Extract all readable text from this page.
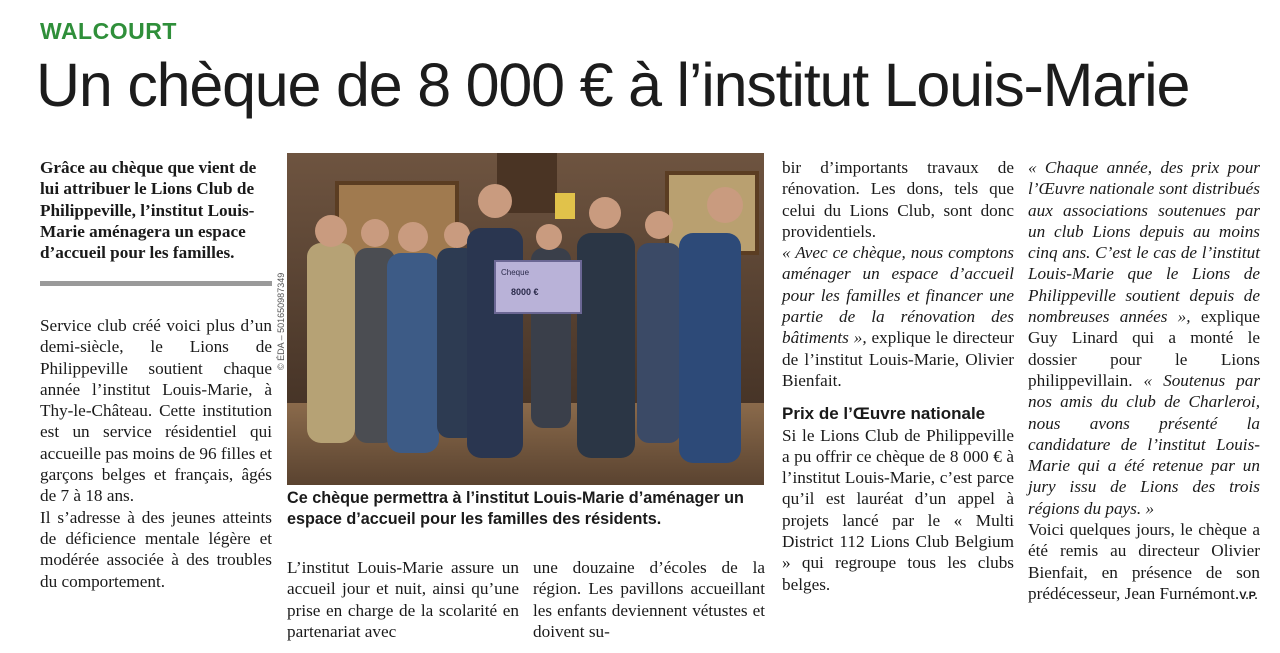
WALCOURT
Un chèque de 8 000 € à l’institut Louis-Marie
Grâce au chèque que vient de lui attribuer le Lions Club de Philippeville, l’institut Louis-Marie aménagera un espace d’accueil pour les familles.

Service club créé voici plus d’un demi-siècle, le Lions de Philippeville soutient chaque année l’institut Louis-Marie, à Thy-le-Château. Cette institution est un service résidentiel qui accueille pas moins de 96 filles et garçons belges et français, âgés de 7 à 18 ans.

Il s’adresse à des jeunes atteints de déficience mentale légère et modérée associée à des troubles du comportement.

Cheque
8000 €
© ÉDA – 501650987349
Ce chèque permettra à l’institut Louis-Marie d’aménager un espace d’accueil pour les familles des résidents.

L’institut Louis-Marie assure un accueil jour et nuit, ainsi qu’une prise en charge de la scolarité en partenariat avec

une douzaine d’écoles de la région. Les pavillons accueillant les enfants deviennent vétustes et doivent su-

bir d’importants travaux de rénovation. Les dons, tels que celui du Lions Club, sont donc providentiels.

« Avec ce chèque, nous comptons aménager un espace d’accueil pour les familles et financer une partie de la rénovation des bâtiments », explique le directeur de l’institut Louis-Marie, Olivier Bienfait.

Prix de l’Œuvre nationale

Si le Lions Club de Philippeville a pu offrir ce chèque de 8 000 € à l’institut Louis-Marie, c’est parce qu’il est lauréat d’un appel à projets lancé par le « Multi District 112 Lions Club Belgium » qui regroupe tous les clubs belges.

« Chaque année, des prix pour l’Œuvre nationale sont distribués aux associations soutenues par un club Lions depuis au moins cinq ans. C’est le cas de l’institut Louis-Marie que le Lions de Philippeville soutient depuis de nombreuses années », explique Guy Linard qui a monté le dossier pour le Lions philippevillain. « Soutenus par nos amis du club de Charleroi, nous avons présenté la candidature de l’institut Louis-Marie qui a été retenue par un jury issu de Lions des trois régions du pays. »

Voici quelques jours, le chèque a été remis au directeur Olivier Bienfait, en présence de son prédécesseur, Jean Furnémont.V.P.
